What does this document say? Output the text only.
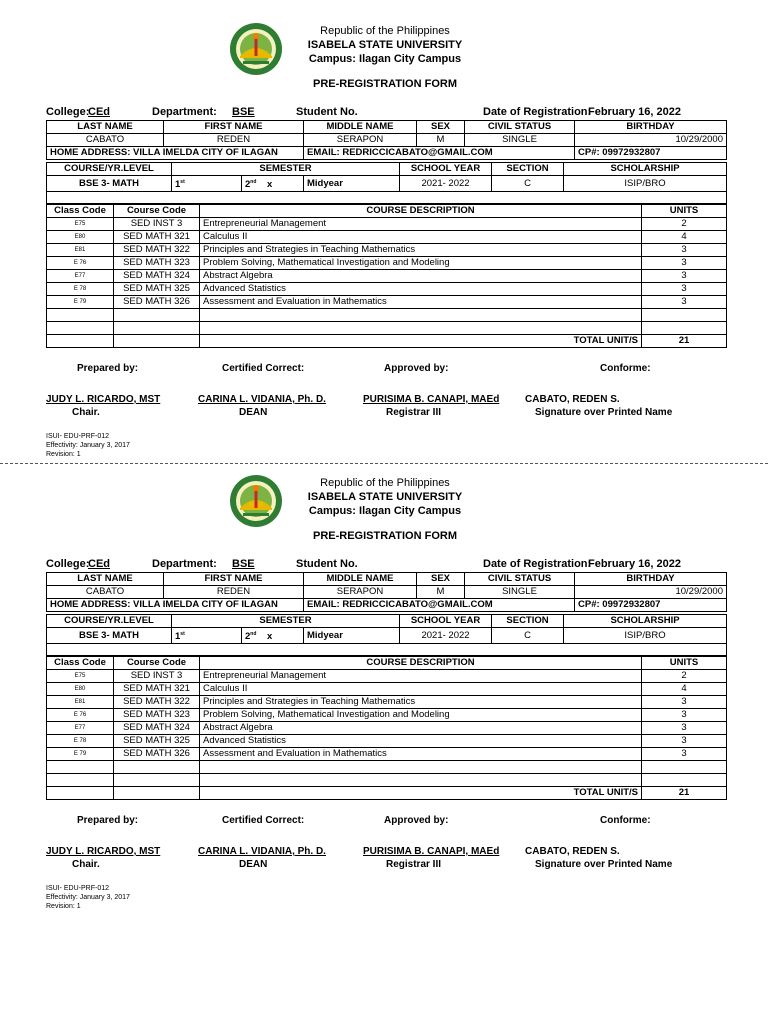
Republic of the Philippines
ISABELA STATE UNIVERSITY
Campus: Ilagan City Campus
PRE-REGISTRATION FORM
College:
CEd	Department: BSE	Student No.	Date of Registration:
February 16, 2022
LAST NAME	FIRST NAME	MIDDLE NAME	SEX	CIVIL STATUS	BIRTHDAY
CABATO	REDEN	SERAPON	M	SINGLE	10/29/2000
HOME ADDRESS: VILLA IMELDA CITY OF ILAGAN		EMAIL: REDRICCICABATO@GMAIL.COM			CP#: 09972932807
COURSE/YR.LEVEL	SEMESTER			SCHOOL YEAR	SECTION	SCHOLARSHIP
BSE 3- MATH	1st	2nd x	Midyear	2021- 2022	C	ISIP/BRO

Class Code	Course Code	COURSE DESCRIPTION	UNITS
E75	SED INST 3	Entrepreneurial Management	2
E80	SED MATH 321	Calculus II	4
E81	SED MATH 322	Principles and Strategies in Teaching Mathematics	3
E 76	SED MATH 323	Problem Solving, Mathematical Investigation and Modeling	3
E77	SED MATH 324	Abstract Algebra	3
E 78	SED MATH 325	Advanced Statistics	3
E 79	SED MATH 326	Assessment and Evaluation in Mathematics	3

		TOTAL UNIT/S	21
Prepared by:	Certified Correct:	Approved by:	Conforme:
JUDY L. RICARDO, MST
Chair.
CARINA L. VIDANIA, Ph. D.
DEAN
PURISIMA B. CANAPI, MAEd
Registrar III
CABATO, REDEN S.
Signature over Printed Name
ISUI- EDU-PRF-012
Effectivity: January 3, 2017
Revision: 1
Republic of the Philippines
ISABELA STATE UNIVERSITY
Campus: Ilagan City Campus
PRE-REGISTRATION FORM
College:
CEd	Department: BSE	Student No.	Date of Registration:
February 16, 2022
LAST NAME	FIRST NAME	MIDDLE NAME	SEX	CIVIL STATUS	BIRTHDAY
CABATO	REDEN	SERAPON	M	SINGLE	10/29/2000
HOME ADDRESS: VILLA IMELDA CITY OF ILAGAN		EMAIL: REDRICCICABATO@GMAIL.COM			CP#: 09972932807
COURSE/YR.LEVEL	SEMESTER			SCHOOL YEAR	SECTION	SCHOLARSHIP
BSE 3- MATH	1st	2nd x	Midyear	2021- 2022	C	ISIP/BRO

Class Code	Course Code	COURSE DESCRIPTION	UNITS
E75	SED INST 3	Entrepreneurial Management	2
E80	SED MATH 321	Calculus II	4
E81	SED MATH 322	Principles and Strategies in Teaching Mathematics	3
E 76	SED MATH 323	Problem Solving, Mathematical Investigation and Modeling	3
E77	SED MATH 324	Abstract Algebra	3
E 78	SED MATH 325	Advanced Statistics	3
E 79	SED MATH 326	Assessment and Evaluation in Mathematics	3

		TOTAL UNIT/S	21
Prepared by:	Certified Correct:	Approved by:	Conforme:
JUDY L. RICARDO, MST
Chair.
CARINA L. VIDANIA, Ph. D.
DEAN
PURISIMA B. CANAPI, MAEd
Registrar III
CABATO, REDEN S.
Signature over Printed Name
ISUI- EDU-PRF-012
Effectivity: January 3, 2017
Revision: 1
